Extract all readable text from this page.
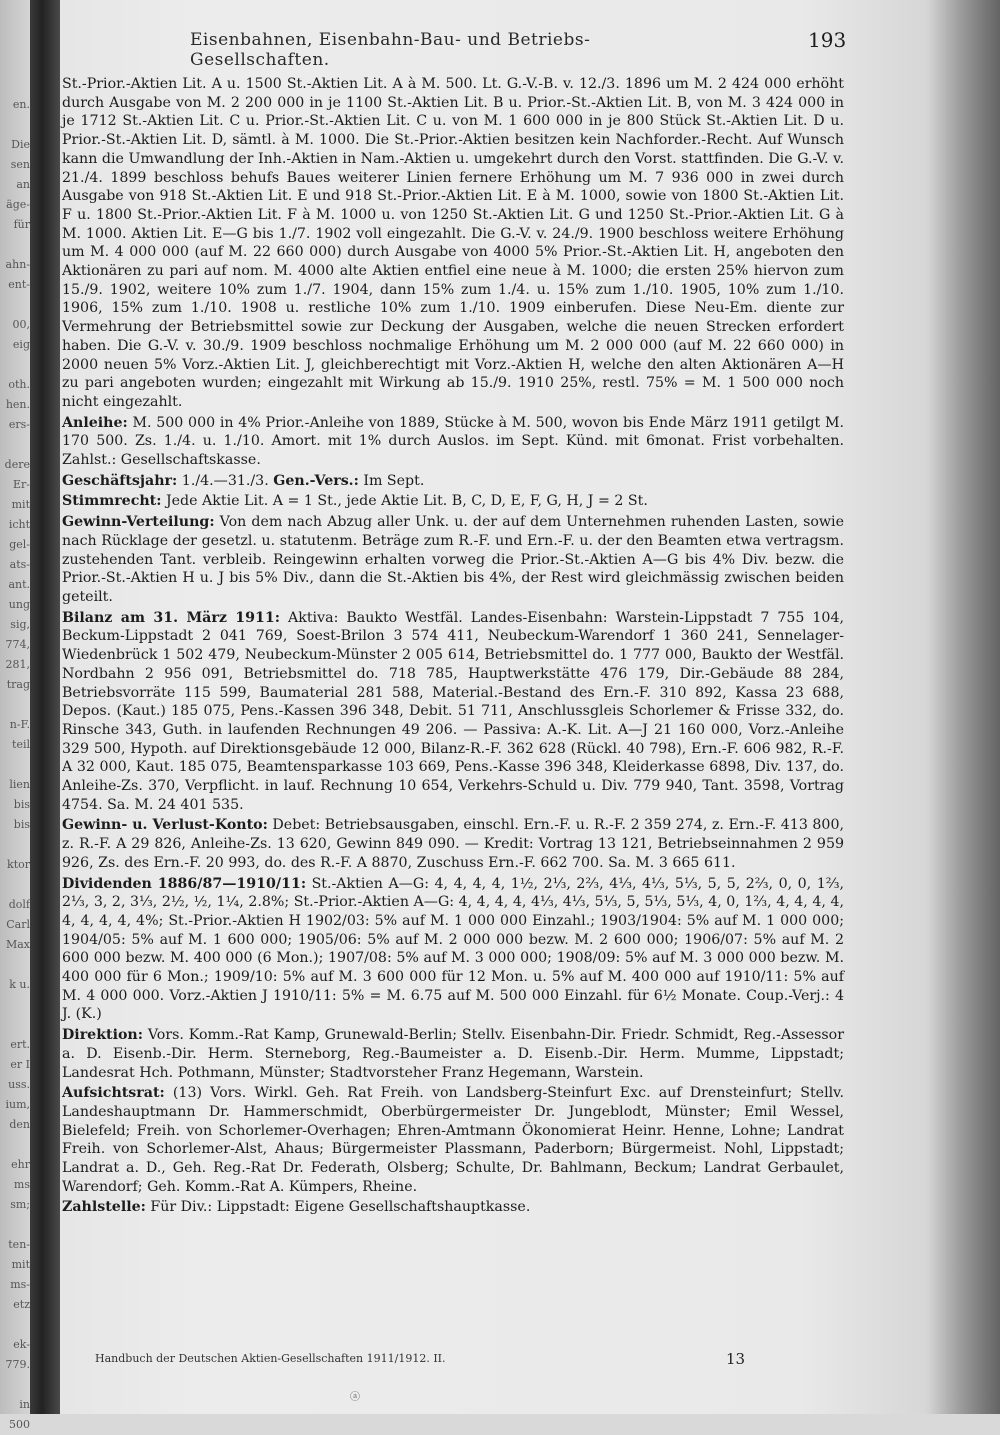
en.
Die
sen
an
äge-
für
ahn-
ent-
00,
eig
oth.
hen.
ers-
dere
Er-
mit
icht
gel-
ats-
ant.
ung
sig,
774,
281,
trag
n-F.
teil
lien
bis
bis
ktor
dolf
Carl
Max
k u.
ert.
er I
uss.
ium,
den
ehr
ms
sm;
ten-
mit
ms-
etz
ek-
779.
in
500
Eisenbahnen, Eisenbahn-Bau- und Betriebs-Gesellschaften.
193

St.-Prior.-Aktien Lit. A u. 1500 St.-Aktien Lit. A à M. 500. Lt. G.-V.-B. v. 12./3. 1896 um M. 2 424 000 erhöht durch Ausgabe von M. 2 200 000 in je 1100 St.-Aktien Lit. B u. Prior.-St.-Aktien Lit. B, von M. 3 424 000 in je 1712 St.-Aktien Lit. C u. Prior.-St.-Aktien Lit. C u. von M. 1 600 000 in je 800 Stück St.-Aktien Lit. D u. Prior.-St.-Aktien Lit. D, sämtl. à M. 1000. Die St.-Prior.-Aktien besitzen kein Nachforder.-Recht. Auf Wunsch kann die Umwandlung der Inh.-Aktien in Nam.-Aktien u. umgekehrt durch den Vorst. stattfinden. Die G.-V. v. 21./4. 1899 beschloss behufs Baues weiterer Linien fernere Erhöhung um M. 7 936 000 in zwei durch Ausgabe von 918 St.-Aktien Lit. E und 918 St.-Prior.-Aktien Lit. E à M. 1000, sowie von 1800 St.-Aktien Lit. F u. 1800 St.-Prior.-Aktien Lit. F à M. 1000 u. von 1250 St.-Aktien Lit. G und 1250 St.-Prior.-Aktien Lit. G à M. 1000. Aktien Lit. E—G bis 1./7. 1902 voll eingezahlt. Die G.-V. v. 24./9. 1900 beschloss weitere Erhöhung um M. 4 000 000 (auf M. 22 660 000) durch Ausgabe von 4000 5% Prior.-St.-Aktien Lit. H, angeboten den Aktionären zu pari auf nom. M. 4000 alte Aktien entfiel eine neue à M. 1000; die ersten 25% hiervon zum 15./9. 1902, weitere 10% zum 1./7. 1904, dann 15% zum 1./4. u. 15% zum 1./10. 1905, 10% zum 1./10. 1906, 15% zum 1./10. 1908 u. restliche 10% zum 1./10. 1909 einberufen. Diese Neu-Em. diente zur Vermehrung der Betriebsmittel sowie zur Deckung der Ausgaben, welche die neuen Strecken erfordert haben. Die G.-V. v. 30./9. 1909 beschloss nochmalige Erhöhung um M. 2 000 000 (auf M. 22 660 000) in 2000 neuen 5% Vorz.-Aktien Lit. J, gleichberechtigt mit Vorz.-Aktien H, welche den alten Aktionären A—H zu pari angeboten wurden; eingezahlt mit Wirkung ab 15./9. 1910 25%, restl. 75% = M. 1 500 000 noch nicht eingezahlt.

Anleihe: M. 500 000 in 4% Prior.-Anleihe von 1889, Stücke à M. 500, wovon bis Ende März 1911 getilgt M. 170 500. Zs. 1./4. u. 1./10. Amort. mit 1% durch Auslos. im Sept. Künd. mit 6monat. Frist vorbehalten. Zahlst.: Gesellschaftskasse.

Geschäftsjahr: 1./4.—31./3. Gen.-Vers.: Im Sept.

Stimmrecht: Jede Aktie Lit. A = 1 St., jede Aktie Lit. B, C, D, E, F, G, H, J = 2 St.

Gewinn-Verteilung: Von dem nach Abzug aller Unk. u. der auf dem Unternehmen ruhenden Lasten, sowie nach Rücklage der gesetzl. u. statutenm. Beträge zum R.-F. und Ern.-F. u. der den Beamten etwa vertragsm. zustehenden Tant. verbleib. Reingewinn erhalten vorweg die Prior.-St.-Aktien A—G bis 4% Div. bezw. die Prior.-St.-Aktien H u. J bis 5% Div., dann die St.-Aktien bis 4%, der Rest wird gleichmässig zwischen beiden geteilt.

Bilanz am 31. März 1911: Aktiva: Baukto Westfäl. Landes-Eisenbahn: Warstein-Lippstadt 7 755 104, Beckum-Lippstadt 2 041 769, Soest-Brilon 3 574 411, Neubeckum-Warendorf 1 360 241, Sennelager-Wiedenbrück 1 502 479, Neubeckum-Münster 2 005 614, Betriebsmittel do. 1 777 000, Baukto der Westfäl. Nordbahn 2 956 091, Betriebsmittel do. 718 785, Hauptwerkstätte 476 179, Dir.-Gebäude 88 284, Betriebsvorräte 115 599, Baumaterial 281 588, Material.-Bestand des Ern.-F. 310 892, Kassa 23 688, Depos. (Kaut.) 185 075, Pens.-Kassen 396 348, Debit. 51 711, Anschlussgleis Schorlemer & Frisse 332, do. Rinsche 343, Guth. in laufenden Rechnungen 49 206. — Passiva: A.-K. Lit. A—J 21 160 000, Vorz.-Anleihe 329 500, Hypoth. auf Direktionsgebäude 12 000, Bilanz-R.-F. 362 628 (Rückl. 40 798), Ern.-F. 606 982, R.-F. A 32 000, Kaut. 185 075, Beamtensparkasse 103 669, Pens.-Kasse 396 348, Kleiderkasse 6898, Div. 137, do. Anleihe-Zs. 370, Verpflicht. in lauf. Rechnung 10 654, Verkehrs-Schuld u. Div. 779 940, Tant. 3598, Vortrag 4754. Sa. M. 24 401 535.

Gewinn- u. Verlust-Konto: Debet: Betriebsausgaben, einschl. Ern.-F. u. R.-F. 2 359 274, z. Ern.-F. 413 800, z. R.-F. A 29 826, Anleihe-Zs. 13 620, Gewinn 849 090. — Kredit: Vortrag 13 121, Betriebseinnahmen 2 959 926, Zs. des Ern.-F. 20 993, do. des R.-F. A 8870, Zuschuss Ern.-F. 662 700. Sa. M. 3 665 611.

Dividenden 1886/87—1910/11: St.-Aktien A—G: 4, 4, 4, 4, 1½, 2⅓, 2⅔, 4⅓, 4⅓, 5⅓, 5, 5, 2⅔, 0, 0, 1⅔, 2⅓, 3, 2, 3⅓, 2½, ½, 1¼, 2.8%; St.-Prior.-Aktien A—G: 4, 4, 4, 4, 4⅓, 4⅓, 5⅓, 5, 5⅓, 5⅓, 4, 0, 1⅔, 4, 4, 4, 4, 4, 4, 4, 4, 4%; St.-Prior.-Aktien H 1902/03: 5% auf M. 1 000 000 Einzahl.; 1903/1904: 5% auf M. 1 000 000; 1904/05: 5% auf M. 1 600 000; 1905/06: 5% auf M. 2 000 000 bezw. M. 2 600 000; 1906/07: 5% auf M. 2 600 000 bezw. M. 400 000 (6 Mon.); 1907/08: 5% auf M. 3 000 000; 1908/09: 5% auf M. 3 000 000 bezw. M. 400 000 für 6 Mon.; 1909/10: 5% auf M. 3 600 000 für 12 Mon. u. 5% auf M. 400 000 auf 1910/11: 5% auf M. 4 000 000. Vorz.-Aktien J 1910/11: 5% = M. 6.75 auf M. 500 000 Einzahl. für 6½ Monate. Coup.-Verj.: 4 J. (K.)

Direktion: Vors. Komm.-Rat Kamp, Grunewald-Berlin; Stellv. Eisenbahn-Dir. Friedr. Schmidt, Reg.-Assessor a. D. Eisenb.-Dir. Herm. Sterneborg, Reg.-Baumeister a. D. Eisenb.-Dir. Herm. Mumme, Lippstadt; Landesrat Hch. Pothmann, Münster; Stadtvorsteher Franz Hegemann, Warstein.

Aufsichtsrat: (13) Vors. Wirkl. Geh. Rat Freih. von Landsberg-Steinfurt Exc. auf Drensteinfurt; Stellv. Landeshauptmann Dr. Hammerschmidt, Oberbürgermeister Dr. Jungeblodt, Münster; Emil Wessel, Bielefeld; Freih. von Schorlemer-Overhagen; Ehren-Amtmann Ökonomierat Heinr. Henne, Lohne; Landrat Freih. von Schorlemer-Alst, Ahaus; Bürgermeister Plassmann, Paderborn; Bürgermeist. Nohl, Lippstadt; Landrat a. D., Geh. Reg.-Rat Dr. Federath, Olsberg; Schulte, Dr. Bahlmann, Beckum; Landrat Gerbaulet, Warendorf; Geh. Komm.-Rat A. Kümpers, Rheine.

Zahlstelle: Für Div.: Lippstadt: Eigene Gesellschaftshauptkasse.

Handbuch der Deutschen Aktien-Gesellschaften 1911/1912. II.	13
ⓐ
